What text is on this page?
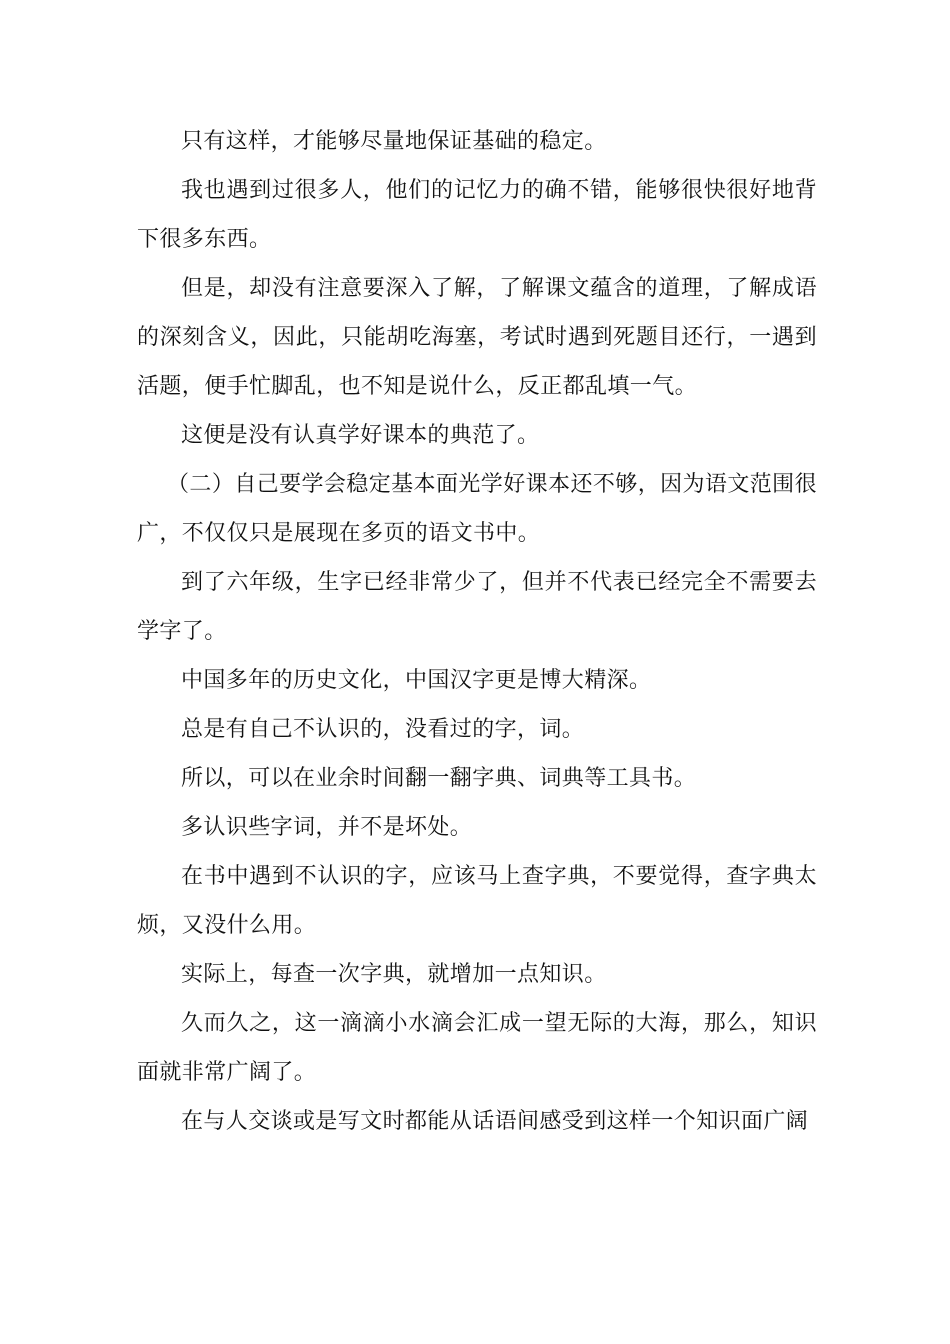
只有这样，才能够尽量地保证基础的稳定。

我也遇到过很多人，他们的记忆力的确不错，能够很快很好地背下很多东西。

但是，却没有注意要深入了解，了解课文蕴含的道理，了解成语的深刻含义，因此，只能胡吃海塞，考试时遇到死题目还行，一遇到活题，便手忙脚乱，也不知是说什么，反正都乱填一气。

这便是没有认真学好课本的典范了。

（二）自己要学会稳定基本面光学好课本还不够，因为语文范围很广，不仅仅只是展现在多页的语文书中。

到了六年级，生字已经非常少了，但并不代表已经完全不需要去学字了。

中国多年的历史文化，中国汉字更是博大精深。

总是有自己不认识的，没看过的字，词。

所以，可以在业余时间翻一翻字典、词典等工具书。

多认识些字词，并不是坏处。

在书中遇到不认识的字，应该马上查字典，不要觉得，查字典太烦，又没什么用。

实际上，每查一次字典，就增加一点知识。

久而久之，这一滴滴小水滴会汇成一望无际的大海，那么，知识面就非常广阔了。

在与人交谈或是写文时都能从话语间感受到这样一个知识面广阔
